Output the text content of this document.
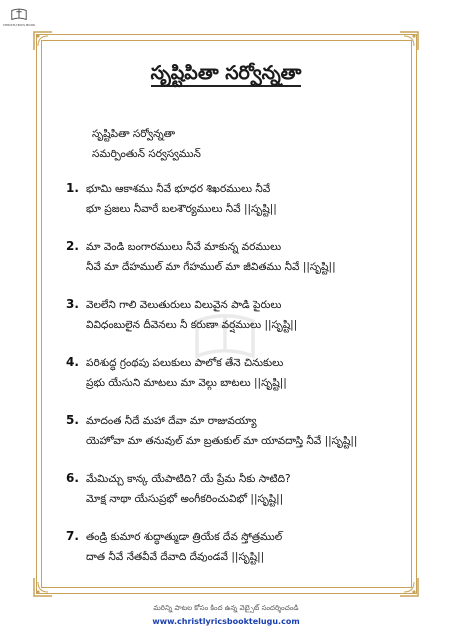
CHRISTLYRICS BOOK
సృష్టిపితా సర్వోన్నతా
సృష్టిపితా సర్వోన్నతా
సమర్పింతున్ సర్వస్వమున్
1. భూమి ఆకాశము నీవే భూధర శిఖరములు నీవే
భూ ప్రజలు నీవారే బలశౌర్యములు నీవే ||సృష్టి||
2. మా వెండి బంగారములు నీవే మాకున్న వరములు
నీవే మా దేహముల్ మా గేహముల్ మా జీవితము నీవే ||సృష్టి||
3. వెలలేని గాలి వెలుతురులు విలువైన పాడి పైరులు
వివిధంబులైన దీవెనలు నీ కరుణా వర్షములు ||సృష్టి||
4. పరిశుద్ధ గ్రంథపు పలుకులు పాలోక తేనె చినుకులు
ప్రభు యేసుని మాటలు మా వెల్గు బాటలు ||సృష్టి||
5. మాదంత నీదే మహా దేవా మా రాజువయ్యా
యెహోవా మా తనువుల్ మా బ్రతుకుల్ మా యావదాస్తి నీవే ||సృష్టి||
6. మేమిచ్చు కాన్క యేపాటిది? యే ప్రేమ నీకు సాటిది?
మోక్ష నాథా యేసుప్రభో అంగీకరించువిభో ||సృష్టి||
7. తండ్రి కుమార శుద్ధాత్ముడా త్రియేక దేవ స్తోత్రముల్
దాత నీవే నేతవీవే దేవాది దేవుండవే ||సృష్టి||
మరిన్ని పాటల కోసం కింద ఉన్న వెబ్సైట్ సందర్శించండి
www.christlyricsbooktelugu.com
